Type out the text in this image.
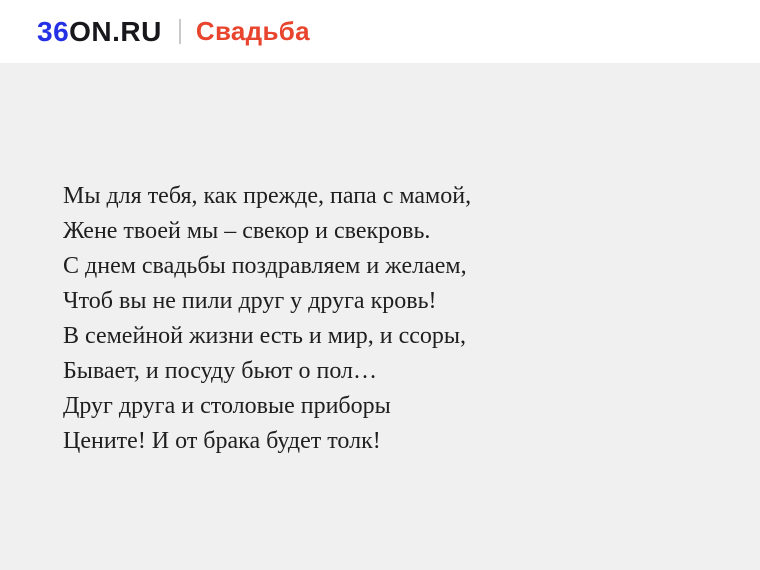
36 ON.RU Свадьба
Мы для тебя, как прежде, папа с мамой,
Жене твоей мы – свекор и свекровь.
С днем свадьбы поздравляем и желаем,
Чтоб вы не пили друг у друга кровь!
В семейной жизни есть и мир, и ссоры,
Бывает, и посуду бьют о пол…
Друг друга и столовые приборы
Цените! И от брака будет толк!
